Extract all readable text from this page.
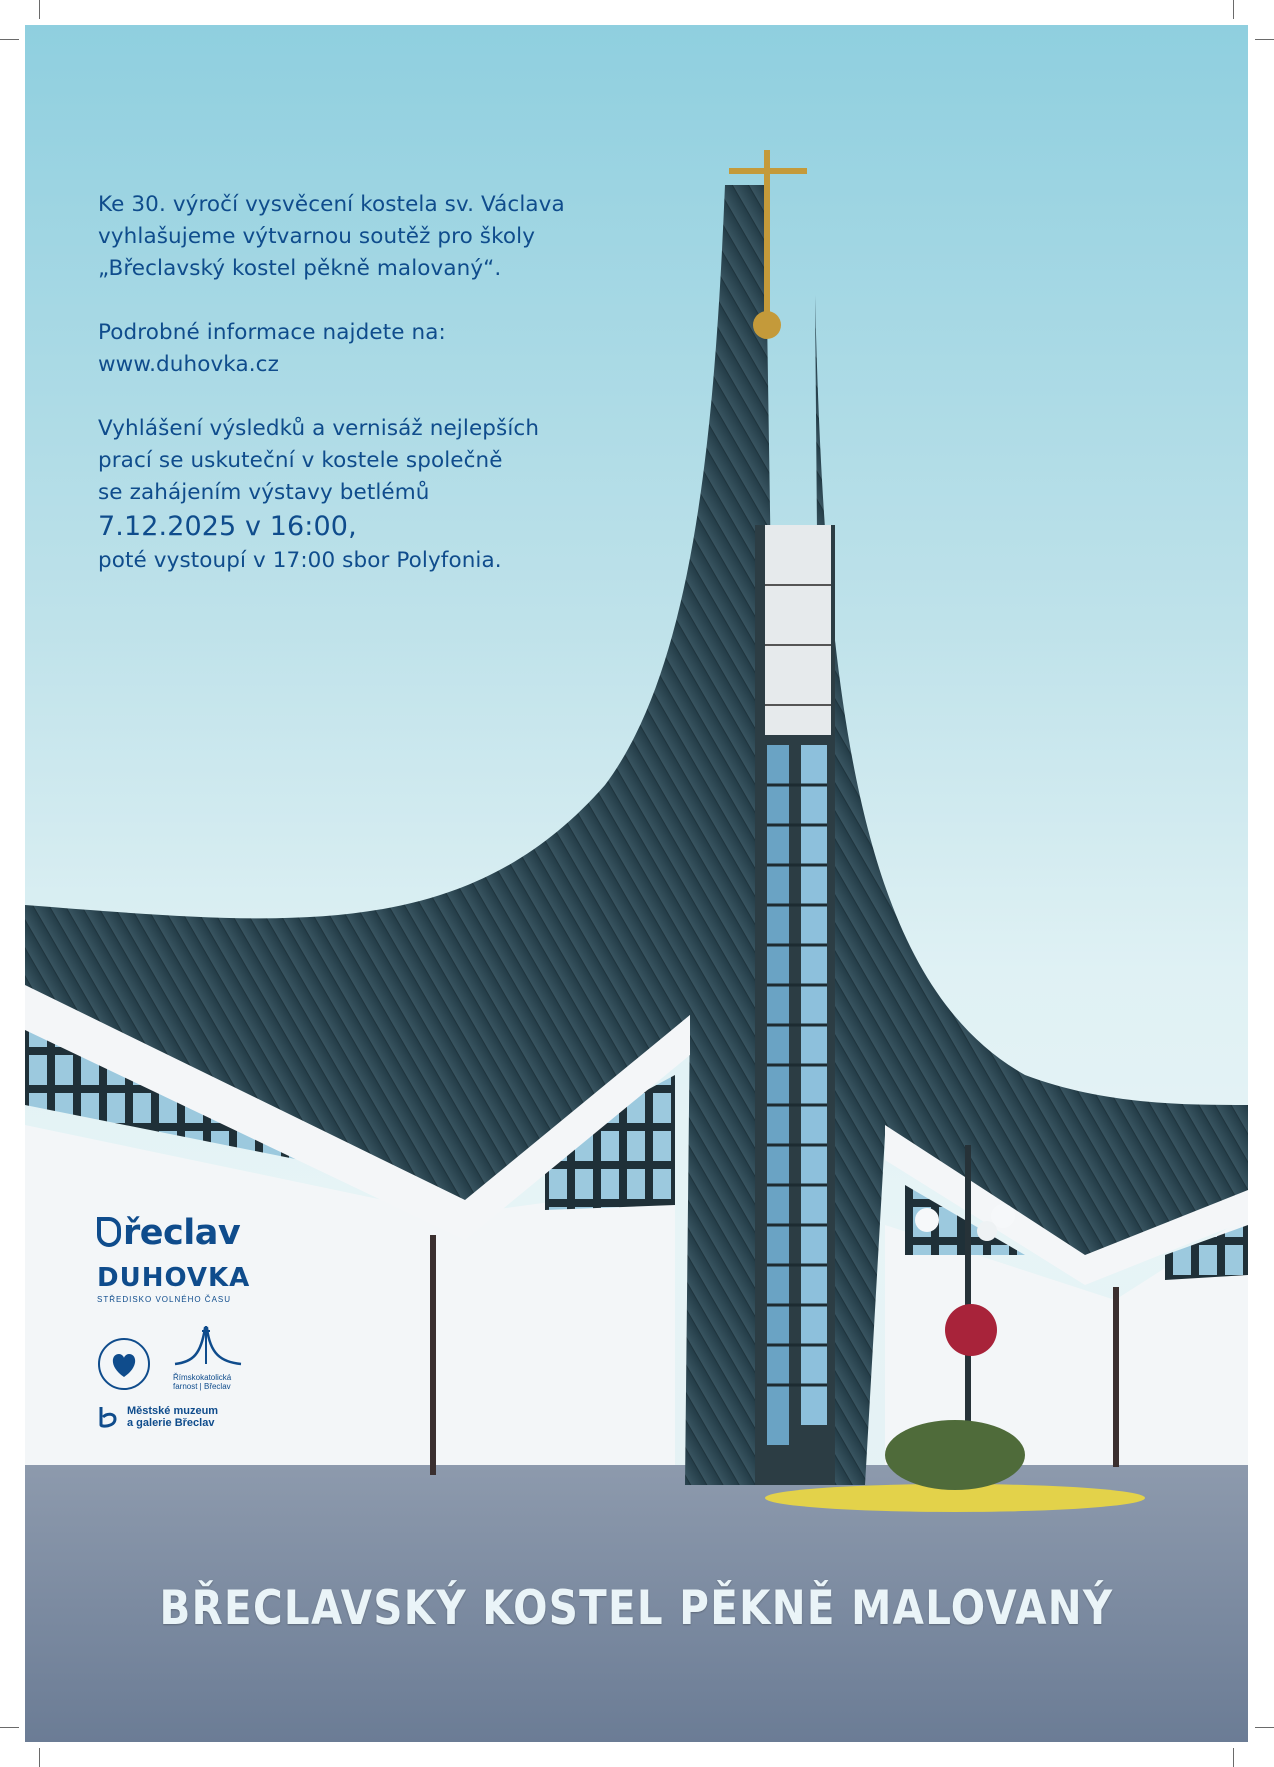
Ke 30. výročí vysvěcení kostela sv. Václava
vyhlašujeme výtvarnou soutěž pro školy
„Břeclavský kostel pěkně malovaný“.

Podrobné informace najdete na:
www.duhovka.cz

Vyhlášení výsledků a vernisáž nejlepších
prací se uskuteční v kostele společně
se zahájením výstavy betlémů
7.12.2025 v 16:00,
poté vystoupí v 17:00 sbor Polyfonia.

řeclav
DUHOVKA
STŘEDISKO VOLNÉHO ČASU
Římskokatolická
farnost | Břeclav
Městské muzeum
a galerie Břeclav
BŘECLAVSKÝ KOSTEL PĚKNĚ MALOVANÝ
